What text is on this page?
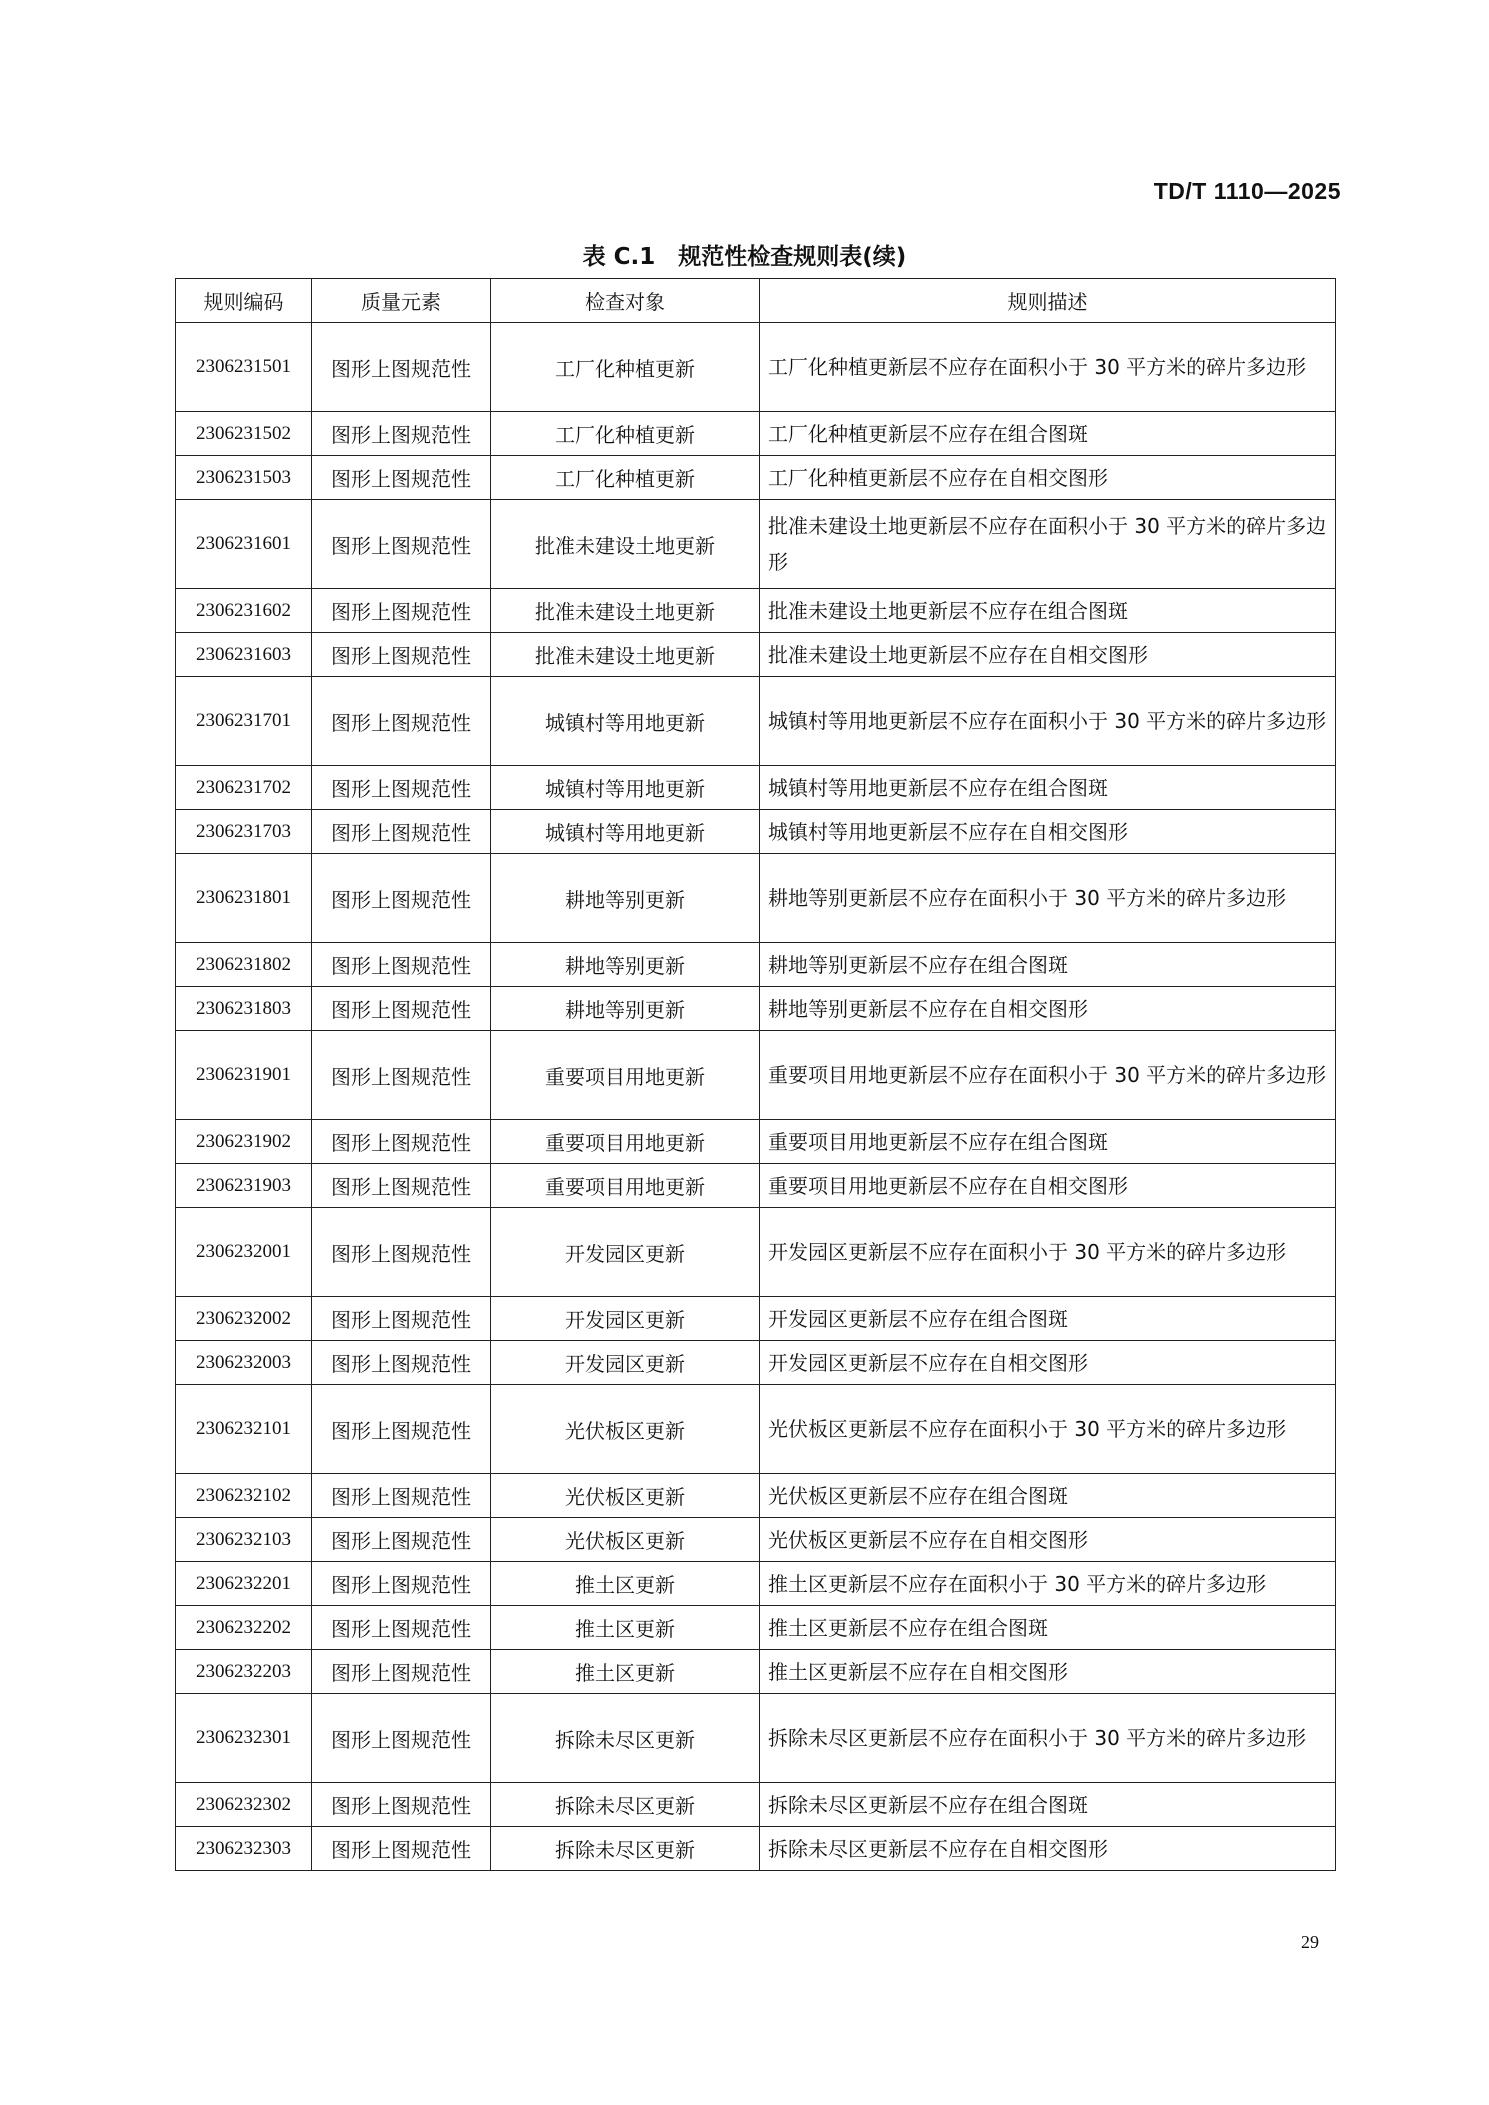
TD/T 1110—2025
表 C.1　规范性检查规则表(续)
规则编码	质量元素	检查对象	规则描述
2306231501	图形上图规范性	工厂化种植更新	工厂化种植更新层不应存在面积小于 30 平方米的碎片多边形
2306231502	图形上图规范性	工厂化种植更新	工厂化种植更新层不应存在组合图斑
2306231503	图形上图规范性	工厂化种植更新	工厂化种植更新层不应存在自相交图形
2306231601	图形上图规范性	批准未建设土地更新	批准未建设土地更新层不应存在面积小于 30 平方米的碎片多边形
2306231602	图形上图规范性	批准未建设土地更新	批准未建设土地更新层不应存在组合图斑
2306231603	图形上图规范性	批准未建设土地更新	批准未建设土地更新层不应存在自相交图形
2306231701	图形上图规范性	城镇村等用地更新	城镇村等用地更新层不应存在面积小于 30 平方米的碎片多边形
2306231702	图形上图规范性	城镇村等用地更新	城镇村等用地更新层不应存在组合图斑
2306231703	图形上图规范性	城镇村等用地更新	城镇村等用地更新层不应存在自相交图形
2306231801	图形上图规范性	耕地等别更新	耕地等别更新层不应存在面积小于 30 平方米的碎片多边形
2306231802	图形上图规范性	耕地等别更新	耕地等别更新层不应存在组合图斑
2306231803	图形上图规范性	耕地等别更新	耕地等别更新层不应存在自相交图形
2306231901	图形上图规范性	重要项目用地更新	重要项目用地更新层不应存在面积小于 30 平方米的碎片多边形
2306231902	图形上图规范性	重要项目用地更新	重要项目用地更新层不应存在组合图斑
2306231903	图形上图规范性	重要项目用地更新	重要项目用地更新层不应存在自相交图形
2306232001	图形上图规范性	开发园区更新	开发园区更新层不应存在面积小于 30 平方米的碎片多边形
2306232002	图形上图规范性	开发园区更新	开发园区更新层不应存在组合图斑
2306232003	图形上图规范性	开发园区更新	开发园区更新层不应存在自相交图形
2306232101	图形上图规范性	光伏板区更新	光伏板区更新层不应存在面积小于 30 平方米的碎片多边形
2306232102	图形上图规范性	光伏板区更新	光伏板区更新层不应存在组合图斑
2306232103	图形上图规范性	光伏板区更新	光伏板区更新层不应存在自相交图形
2306232201	图形上图规范性	推土区更新	推土区更新层不应存在面积小于 30 平方米的碎片多边形
2306232202	图形上图规范性	推土区更新	推土区更新层不应存在组合图斑
2306232203	图形上图规范性	推土区更新	推土区更新层不应存在自相交图形
2306232301	图形上图规范性	拆除未尽区更新	拆除未尽区更新层不应存在面积小于 30 平方米的碎片多边形
2306232302	图形上图规范性	拆除未尽区更新	拆除未尽区更新层不应存在组合图斑
2306232303	图形上图规范性	拆除未尽区更新	拆除未尽区更新层不应存在自相交图形
29
